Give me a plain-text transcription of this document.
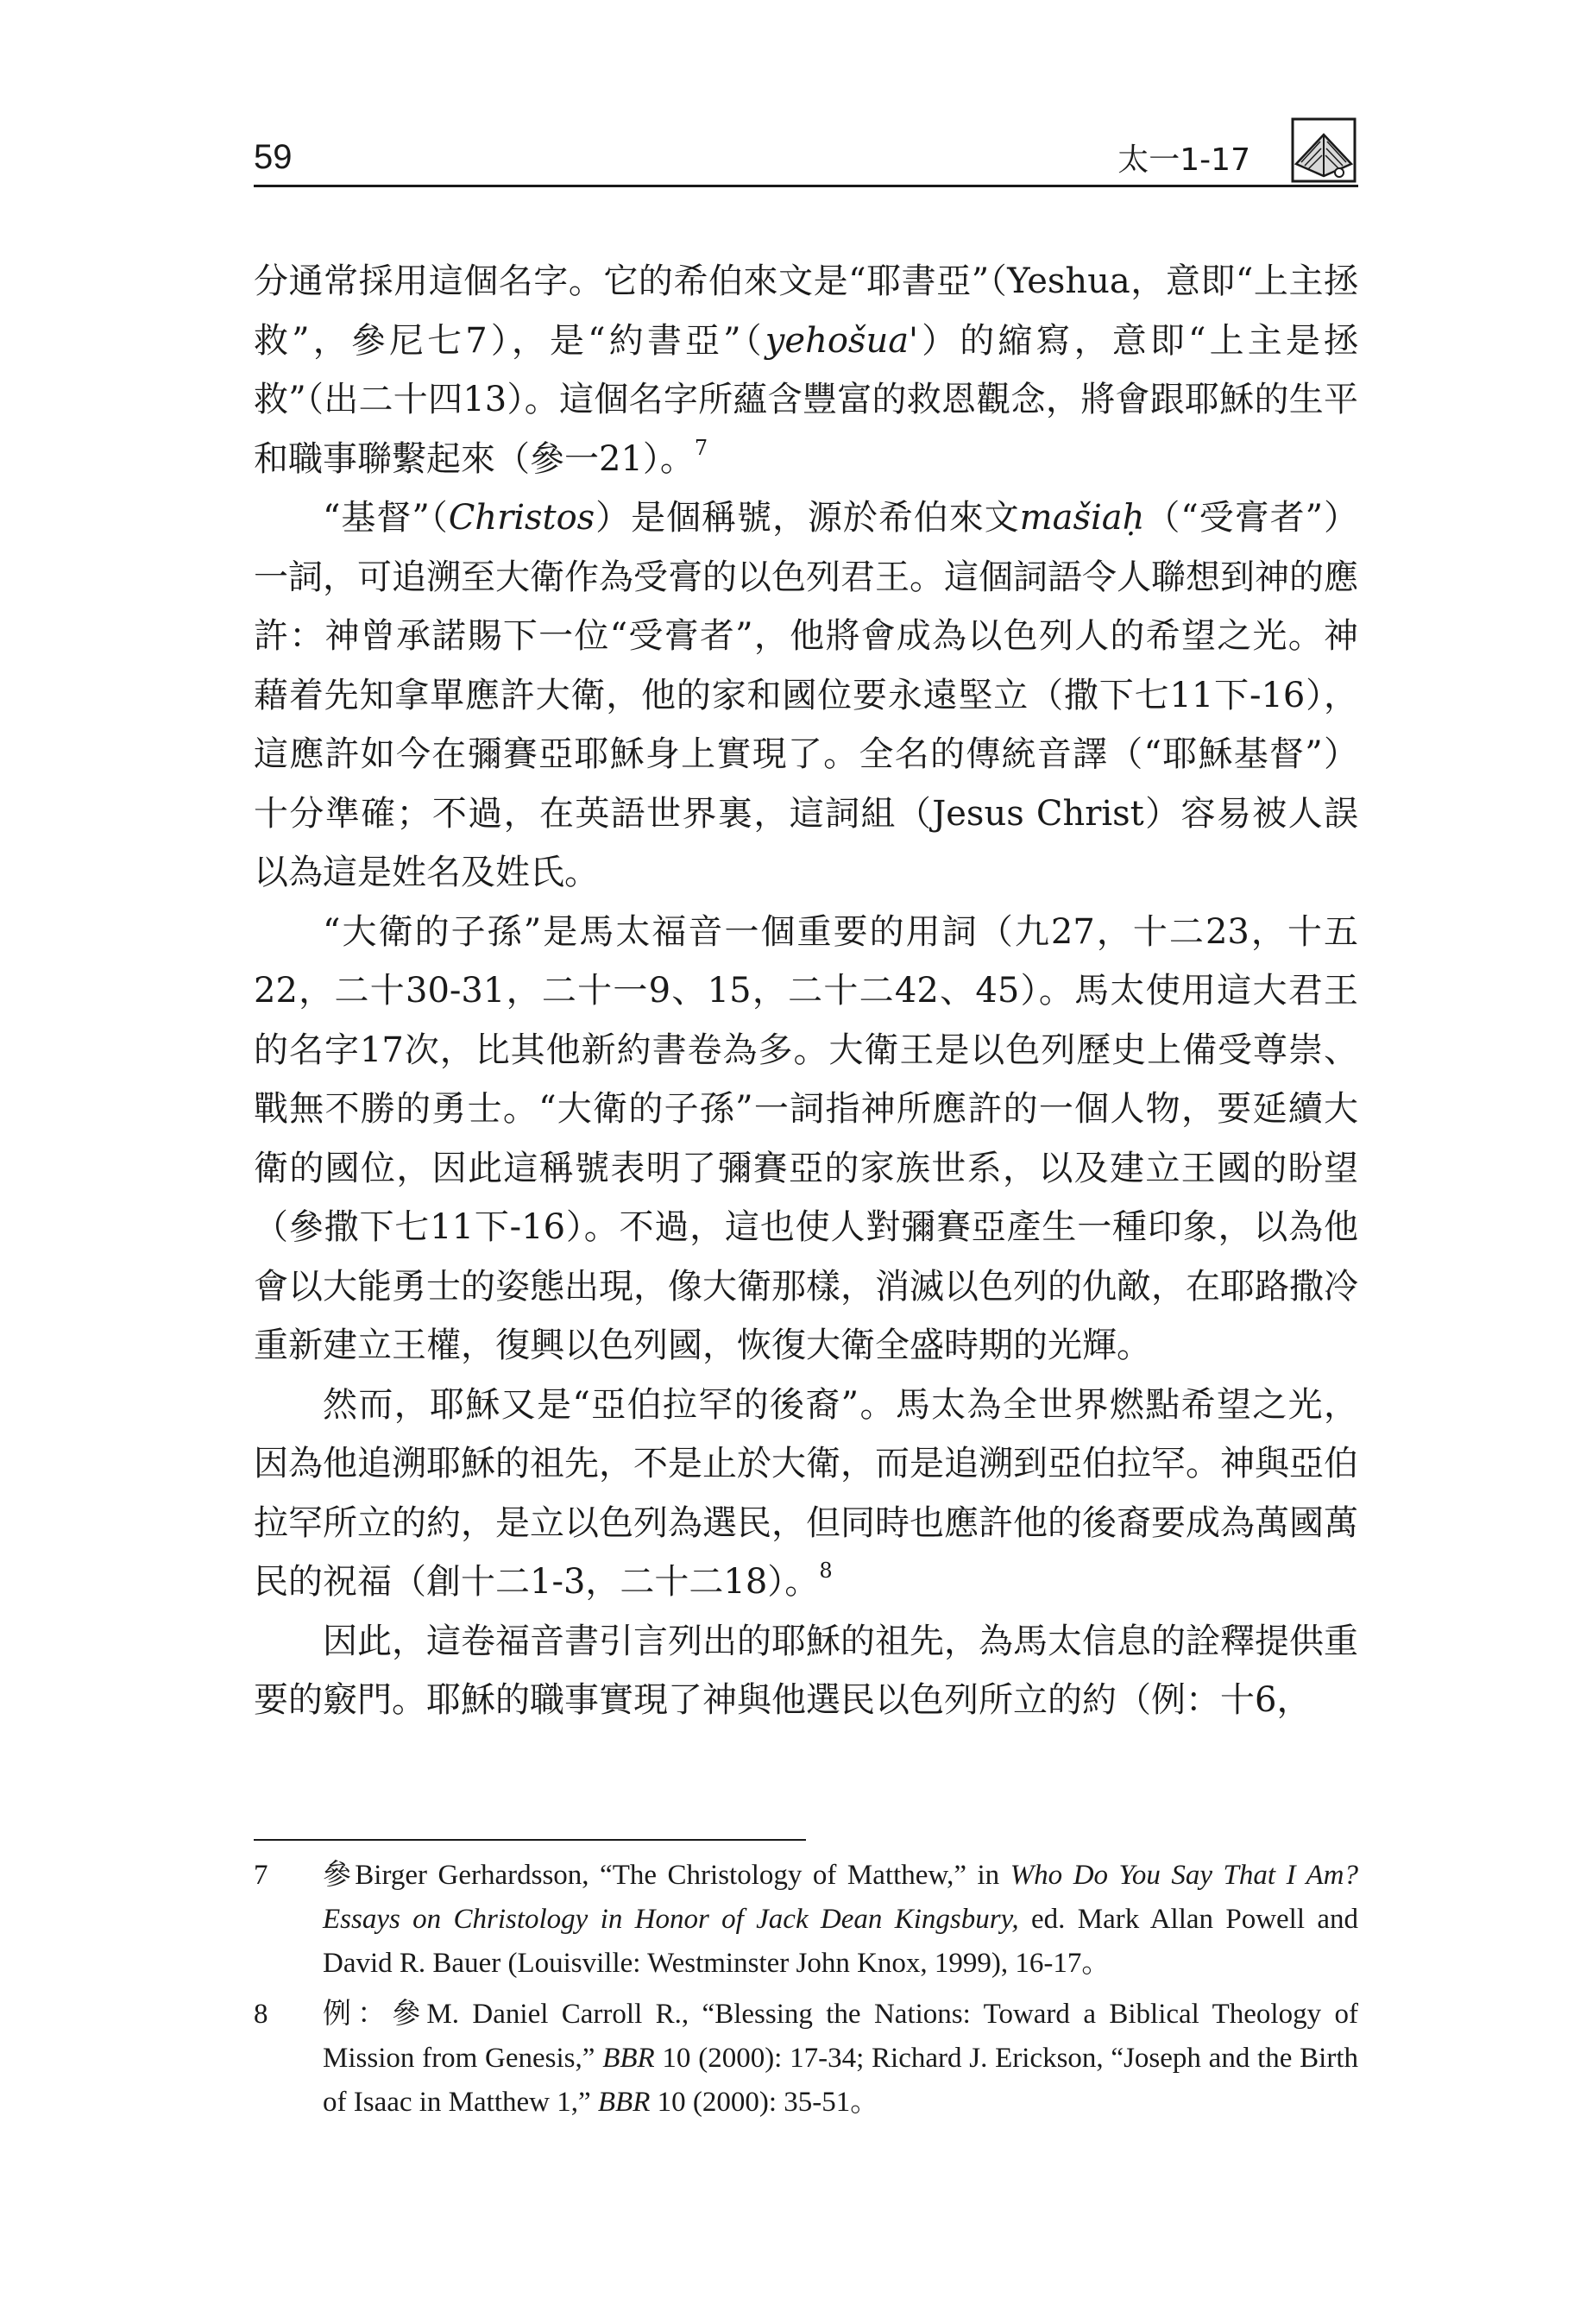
59	太一1-17

分通常採用這個名字。它的希伯來文是“耶書亞”（Yeshua，意即“上主拯救”，參尼七7），是“約書亞”（yehošua'）的縮寫，意即“上主是拯救”（出二十四13）。這個名字所蘊含豐富的救恩觀念，將會跟耶穌的生平和職事聯繫起來（參一21）。$^7$

“基督”（Christos）是個稱號，源於希伯來文mašiaḥ（“受膏者”）一詞，可追溯至大衛作為受膏的以色列君王。這個詞語令人聯想到神的應許：神曾承諾賜下一位“受膏者”，他將會成為以色列人的希望之光。神藉着先知拿單應許大衛，他的家和國位要永遠堅立（撒下七11下-16），這應許如今在彌賽亞耶穌身上實現了。全名的傳統音譯（“耶穌基督”）十分準確；不過，在英語世界裏，這詞組（Jesus Christ）容易被人誤以為這是姓名及姓氏。

“大衛的子孫”是馬太福音一個重要的用詞（九27，十二23，十五22，二十30-31，二十一9、15，二十二42、45）。馬太使用這大君王的名字17次，比其他新約書卷為多。大衛王是以色列歷史上備受尊崇、戰無不勝的勇士。“大衛的子孫”一詞指神所應許的一個人物，要延續大衛的國位，因此這稱號表明了彌賽亞的家族世系，以及建立王國的盼望（參撒下七11下-16）。不過，這也使人對彌賽亞產生一種印象，以為他會以大能勇士的姿態出現，像大衛那樣，消滅以色列的仇敵，在耶路撒冷重新建立王權，復興以色列國，恢復大衛全盛時期的光輝。

然而，耶穌又是“亞伯拉罕的後裔”。馬太為全世界燃點希望之光，因為他追溯耶穌的祖先，不是止於大衛，而是追溯到亞伯拉罕。神與亞伯拉罕所立的約，是立以色列為選民，但同時也應許他的後裔要成為萬國萬民的祝福（創十二1-3，二十二18）。$^8$

因此，這卷福音書引言列出的耶穌的祖先，為馬太信息的詮釋提供重要的竅門。耶穌的職事實現了神與他選民以色列所立的約（例：十6，

7	參Birger Gerhardsson, “The Christology of Matthew,” in Who Do You Say That I Am? Essays on Christology in Honor of Jack Dean Kingsbury, ed. Mark Allan Powell and David R. Bauer (Louisville: Westminster John Knox, 1999), 16-17。
8	例：參M. Daniel Carroll R., “Blessing the Nations: Toward a Biblical Theology of Mission from Genesis,” BBR 10 (2000): 17-34; Richard J. Erickson, “Joseph and the Birth of Isaac in Matthew 1,” BBR 10 (2000): 35-51。
